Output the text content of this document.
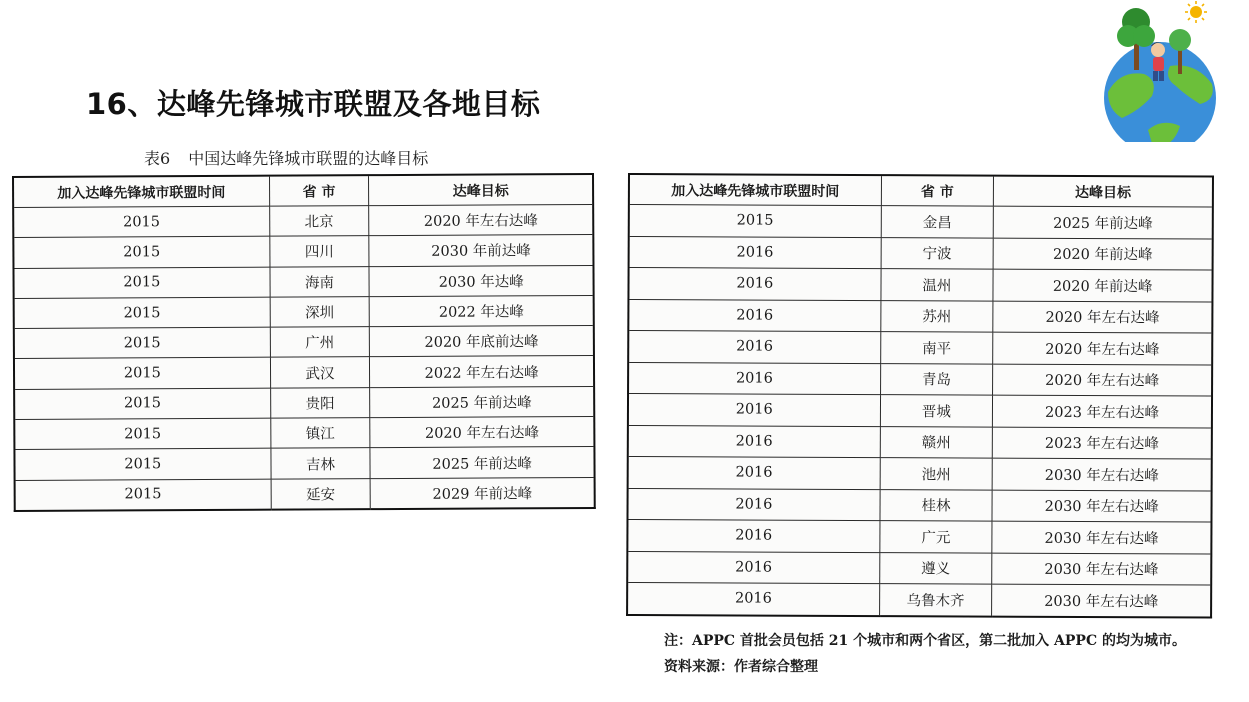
16、达峰先锋城市联盟及各地目标
表6 中国达峰先锋城市联盟的达峰目标
加入达峰先锋城市联盟时间	省 市	达峰目标
2015	北京	2020 年左右达峰
2015	四川	2030 年前达峰
2015	海南	2030 年达峰
2015	深圳	2022 年达峰
2015	广州	2020 年底前达峰
2015	武汉	2022 年左右达峰
2015	贵阳	2025 年前达峰
2015	镇江	2020 年左右达峰
2015	吉林	2025 年前达峰
2015	延安	2029 年前达峰
加入达峰先锋城市联盟时间	省 市	达峰目标
2015	金昌	2025 年前达峰
2016	宁波	2020 年前达峰
2016	温州	2020 年前达峰
2016	苏州	2020 年左右达峰
2016	南平	2020 年左右达峰
2016	青岛	2020 年左右达峰
2016	晋城	2023 年左右达峰
2016	赣州	2023 年左右达峰
2016	池州	2030 年左右达峰
2016	桂林	2030 年左右达峰
2016	广元	2030 年左右达峰
2016	遵义	2030 年左右达峰
2016	乌鲁木齐	2030 年左右达峰
注：APPC 首批会员包括 21 个城市和两个省区，第二批加入 APPC 的均为城市。
资料来源：作者综合整理
